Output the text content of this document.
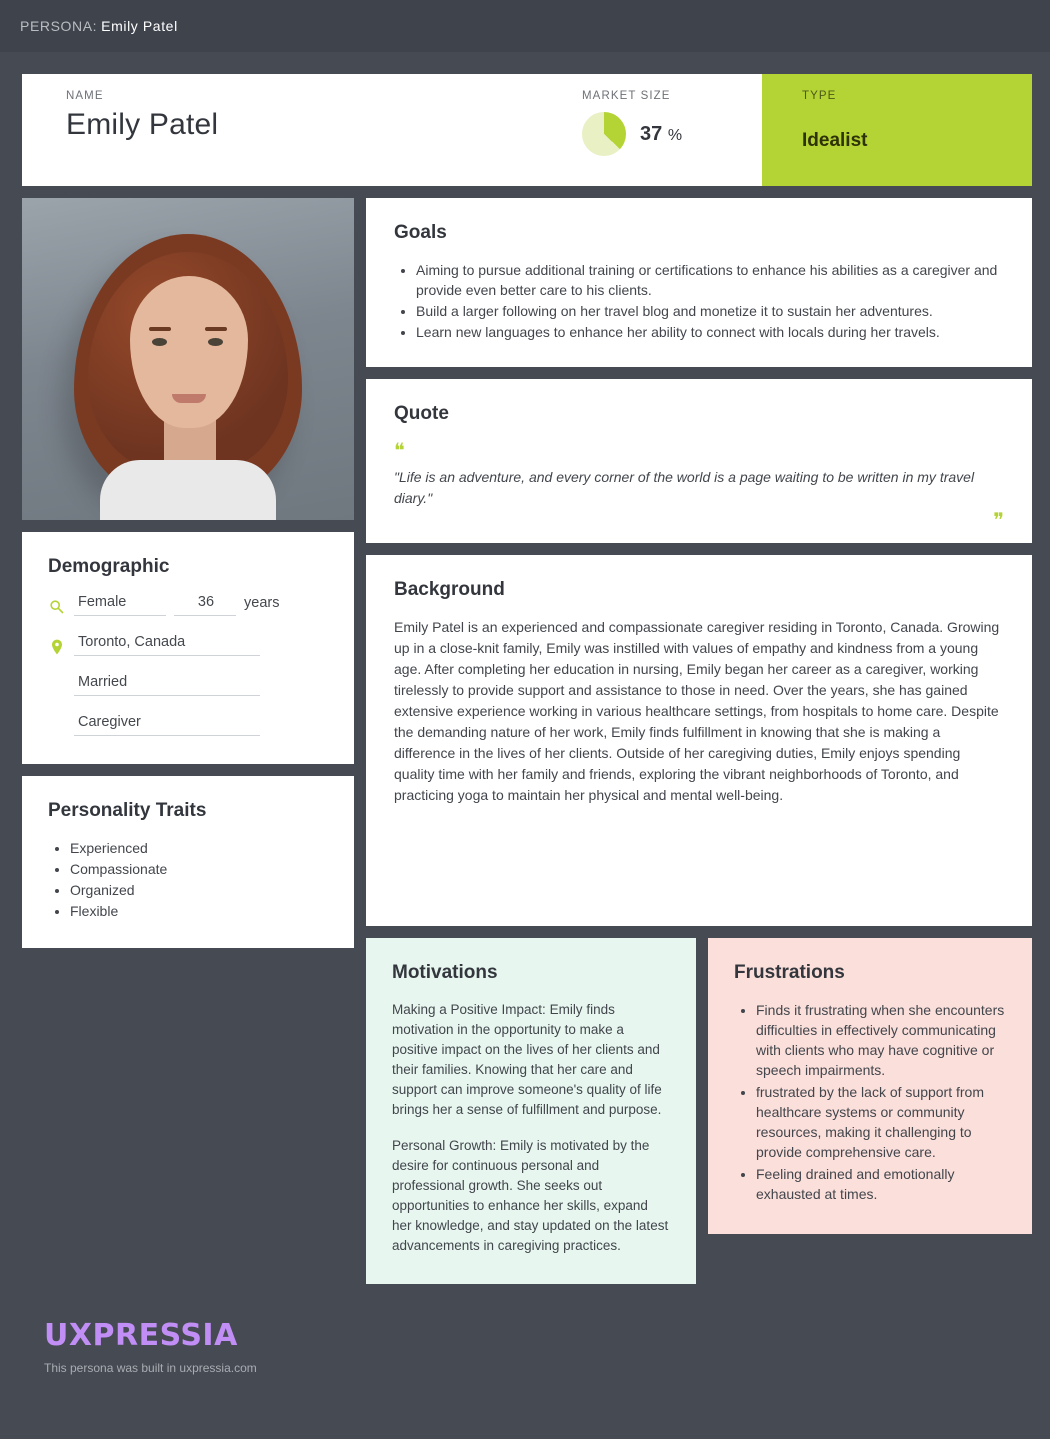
PERSONA: Emily Patel
NAME
Emily Patel
MARKET SIZE
37 %
TYPE
Idealist
Demographic
Female	36	years
Toronto, Canada
Married
Caregiver
Personality Traits
• Experienced
• Compassionate
• Organized
• Flexible
Goals
• Aiming to pursue additional training or certifications to enhance his abilities as a caregiver and provide even better care to his clients.
• Build a larger following on her travel blog and monetize it to sustain her adventures.
• Learn new languages to enhance her ability to connect with locals during her travels.
Quote
❝

"Life is an adventure, and every corner of the world is a page waiting to be written in my travel diary."

❞
Background

Emily Patel is an experienced and compassionate caregiver residing in Toronto, Canada. Growing up in a close-knit family, Emily was instilled with values of empathy and kindness from a young age. After completing her education in nursing, Emily began her career as a caregiver, working tirelessly to provide support and assistance to those in need. Over the years, she has gained extensive experience working in various healthcare settings, from hospitals to home care. Despite the demanding nature of her work, Emily finds fulfillment in knowing that she is making a difference in the lives of her clients. Outside of her caregiving duties, Emily enjoys spending quality time with her family and friends, exploring the vibrant neighborhoods of Toronto, and practicing yoga to maintain her physical and mental well-being.

Motivations

Making a Positive Impact: Emily finds motivation in the opportunity to make a positive impact on the lives of her clients and their families. Knowing that her care and support can improve someone's quality of life brings her a sense of fulfillment and purpose.

Personal Growth: Emily is motivated by the desire for continuous personal and professional growth. She seeks out opportunities to enhance her skills, expand her knowledge, and stay updated on the latest advancements in caregiving practices.

Frustrations
• Finds it frustrating when she encounters difficulties in effectively communicating with clients who may have cognitive or speech impairments.
• frustrated by the lack of support from healthcare systems or community resources, making it challenging to provide comprehensive care.
• Feeling drained and emotionally exhausted at times.
UXPRESSIA
This persona was built in uxpressia.com
